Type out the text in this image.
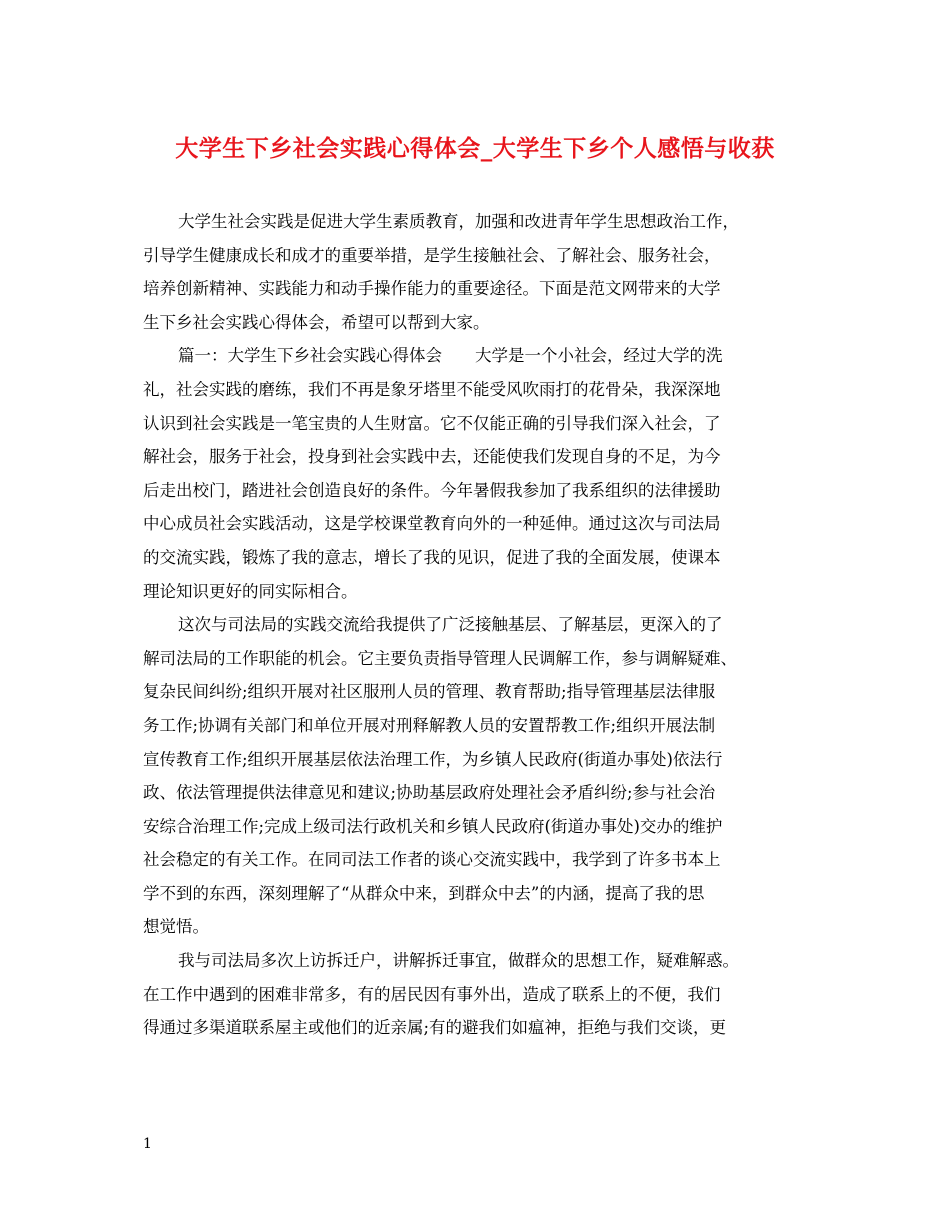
大学生下乡社会实践心得体会_大学生下乡个人感悟与收获
大学生社会实践是促进大学生素质教育，加强和改进青年学生思想政治工作，
引导学生健康成长和成才的重要举措，是学生接触社会、了解社会、服务社会，
培养创新精神、实践能力和动手操作能力的重要途径。下面是范文网带来的大学
生下乡社会实践心得体会，希望可以帮到大家。
篇一：大学生下乡社会实践心得体会　　大学是一个小社会，经过大学的洗
礼，社会实践的磨练，我们不再是象牙塔里不能受风吹雨打的花骨朵，我深深地
认识到社会实践是一笔宝贵的人生财富。它不仅能正确的引导我们深入社会，了
解社会，服务于社会，投身到社会实践中去，还能使我们发现自身的不足，为今
后走出校门，踏进社会创造良好的条件。今年暑假我参加了我系组织的法律援助
中心成员社会实践活动，这是学校课堂教育向外的一种延伸。通过这次与司法局
的交流实践，锻炼了我的意志，增长了我的见识，促进了我的全面发展，使课本
理论知识更好的同实际相合。
这次与司法局的实践交流给我提供了广泛接触基层、了解基层，更深入的了
解司法局的工作职能的机会。它主要负责指导管理人民调解工作，参与调解疑难、
复杂民间纠纷;组织开展对社区服刑人员的管理、教育帮助;指导管理基层法律服
务工作;协调有关部门和单位开展对刑释解教人员的安置帮教工作;组织开展法制
宣传教育工作;组织开展基层依法治理工作，为乡镇人民政府(街道办事处)依法行
政、依法管理提供法律意见和建议;协助基层政府处理社会矛盾纠纷;参与社会治
安综合治理工作;完成上级司法行政机关和乡镇人民政府(街道办事处)交办的维护
社会稳定的有关工作。在同司法工作者的谈心交流实践中，我学到了许多书本上
学不到的东西，深刻理解了“从群众中来，到群众中去”的内涵，提高了我的思
想觉悟。
我与司法局多次上访拆迁户，讲解拆迁事宜，做群众的思想工作，疑难解惑。
在工作中遇到的困难非常多，有的居民因有事外出，造成了联系上的不便，我们
得通过多渠道联系屋主或他们的近亲属;有的避我们如瘟神，拒绝与我们交谈，更
1
